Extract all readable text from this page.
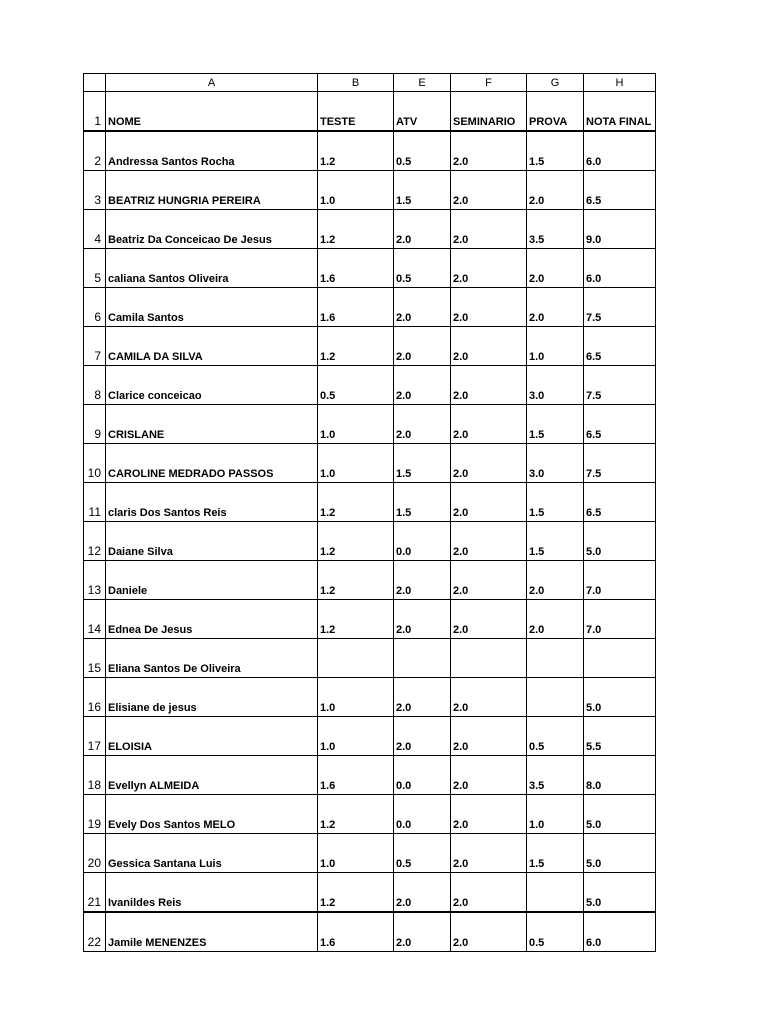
	A	B	E	F	G	H
1	NOME	TESTE	ATV	SEMINARIO	PROVA	NOTA FINAL
2	Andressa Santos Rocha	1.2	0.5	2.0	1.5	6.0
3	BEATRIZ HUNGRIA PEREIRA	1.0	1.5	2.0	2.0	6.5
4	Beatriz Da Conceicao De Jesus	1.2	2.0	2.0	3.5	9.0
5	caliana Santos Oliveira	1.6	0.5	2.0	2.0	6.0
6	Camila Santos	1.6	2.0	2.0	2.0	7.5
7	CAMILA DA SILVA	1.2	2.0	2.0	1.0	6.5
8	Clarice conceicao	0.5	2.0	2.0	3.0	7.5
9	CRISLANE	1.0	2.0	2.0	1.5	6.5
10	CAROLINE MEDRADO PASSOS	1.0	1.5	2.0	3.0	7.5
11	claris Dos Santos Reis	1.2	1.5	2.0	1.5	6.5
12	Daiane Silva	1.2	0.0	2.0	1.5	5.0
13	Daniele	1.2	2.0	2.0	2.0	7.0
14	Ednea De Jesus	1.2	2.0	2.0	2.0	7.0
15	Eliana Santos De Oliveira					
16	Elisiane de jesus	1.0	2.0	2.0		5.0
17	ELOISIA	1.0	2.0	2.0	0.5	5.5
18	Evellyn ALMEIDA	1.6	0.0	2.0	3.5	8.0
19	Evely Dos Santos MELO	1.2	0.0	2.0	1.0	5.0
20	Gessica Santana Luis	1.0	0.5	2.0	1.5	5.0
21	Ivanildes Reis	1.2	2.0	2.0		5.0
22	Jamile MENENZES	1.6	2.0	2.0	0.5	6.0
